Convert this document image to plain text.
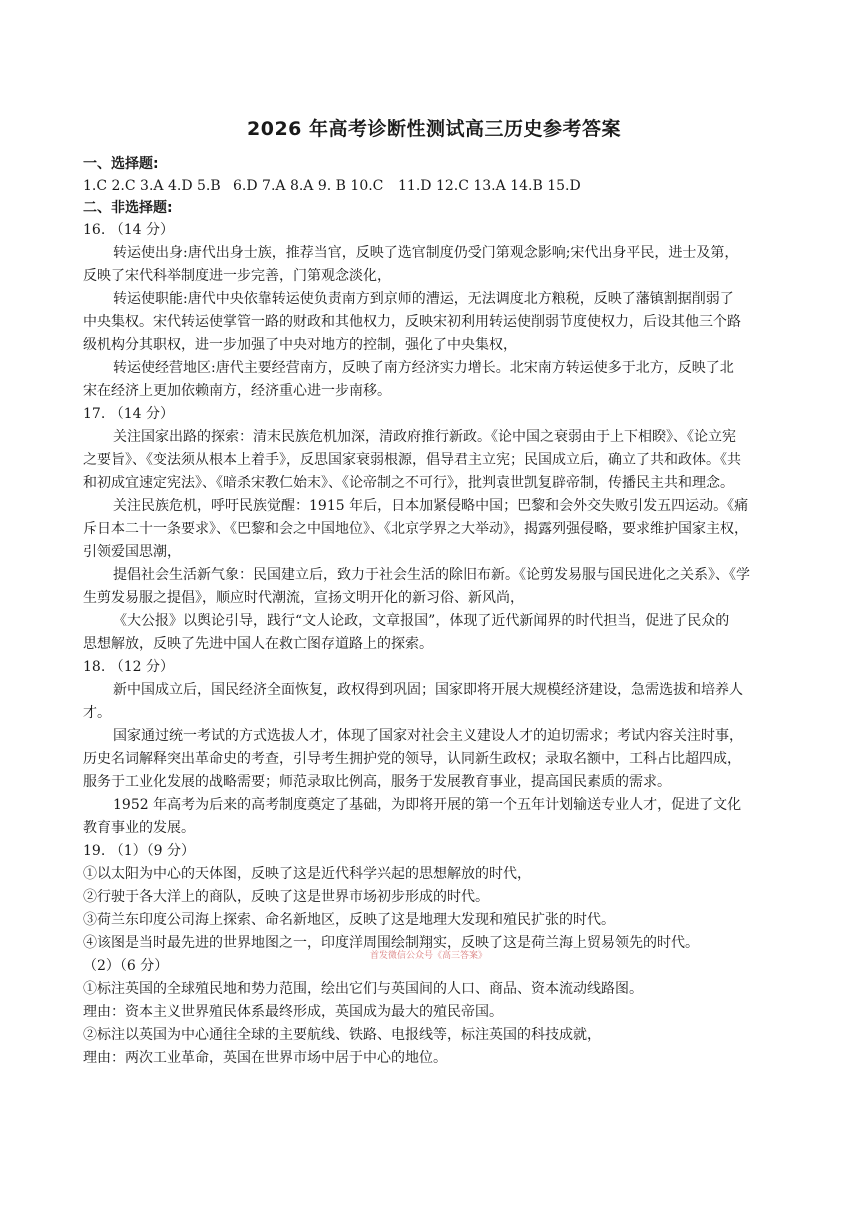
2026 年高考诊断性测试高三历史参考答案
一、选择题:
1.C 2.C 3.A 4.D 5.B 6.D 7.A 8.A 9. B 10.C 11.D 12.C 13.A 14.B 15.D
二、非选择题:
16. （14 分）
转运使出身:唐代出身士族，推荐当官，反映了选官制度仍受门第观念影响;宋代出身平民，进士及第，
反映了宋代科举制度进一步完善，门第观念淡化，
转运使职能:唐代中央依靠转运使负责南方到京师的漕运，无法调度北方粮税，反映了藩镇割据削弱了
中央集权。宋代转运使掌管一路的财政和其他权力，反映宋初利用转运使削弱节度使权力，后设其他三个路
级机构分其职权，进一步加强了中央对地方的控制，强化了中央集权，
转运使经营地区:唐代主要经营南方，反映了南方经济实力增长。北宋南方转运使多于北方，反映了北
宋在经济上更加依赖南方，经济重心进一步南移。
17. （14 分）
关注国家出路的探索：清末民族危机加深，清政府推行新政。《论中国之衰弱由于上下相睽》、《论立宪
之要旨》、《变法须从根本上着手》，反思国家衰弱根源，倡导君主立宪；民国成立后，确立了共和政体。《共
和初成宜速定宪法》、《暗杀宋教仁始末》、《论帝制之不可行》，批判袁世凯复辟帝制，传播民主共和理念。
关注民族危机，呼吁民族觉醒：1915 年后，日本加紧侵略中国；巴黎和会外交失败引发五四运动。《痛
斥日本二十一条要求》、《巴黎和会之中国地位》、《北京学界之大举动》，揭露列强侵略，要求维护国家主权，
引领爱国思潮，
提倡社会生活新气象：民国建立后，致力于社会生活的除旧布新。《论剪发易服与国民进化之关系》、《学
生剪发易服之提倡》，顺应时代潮流，宣扬文明开化的新习俗、新风尚，
《大公报》以舆论引导，践行“文人论政，文章报国”，体现了近代新闻界的时代担当，促进了民众的
思想解放，反映了先进中国人在救亡图存道路上的探索。
18. （12 分）
新中国成立后，国民经济全面恢复，政权得到巩固；国家即将开展大规模经济建设，急需选拔和培养人
才。
国家通过统一考试的方式选拔人才，体现了国家对社会主义建设人才的迫切需求；考试内容关注时事，
历史名词解释突出革命史的考查，引导考生拥护党的领导，认同新生政权；录取名额中，工科占比超四成，
服务于工业化发展的战略需要；师范录取比例高，服务于发展教育事业，提高国民素质的需求。
1952 年高考为后来的高考制度奠定了基础，为即将开展的第一个五年计划输送专业人才，促进了文化
教育事业的发展。
19. （1）（9 分）
①以太阳为中心的天体图，反映了这是近代科学兴起的思想解放的时代，
②行驶于各大洋上的商队，反映了这是世界市场初步形成的时代。
③荷兰东印度公司海上探索、命名新地区，反映了这是地理大发现和殖民扩张的时代。
④该图是当时最先进的世界地图之一，印度洋周围绘制翔实，反映了这是荷兰海上贸易领先的时代。
（2）（6 分）
首发微信公众号《高三答案》
①标注英国的全球殖民地和势力范围，绘出它们与英国间的人口、商品、资本流动线路图。
理由：资本主义世界殖民体系最终形成，英国成为最大的殖民帝国。
②标注以英国为中心通往全球的主要航线、铁路、电报线等，标注英国的科技成就，
理由：两次工业革命，英国在世界市场中居于中心的地位。
